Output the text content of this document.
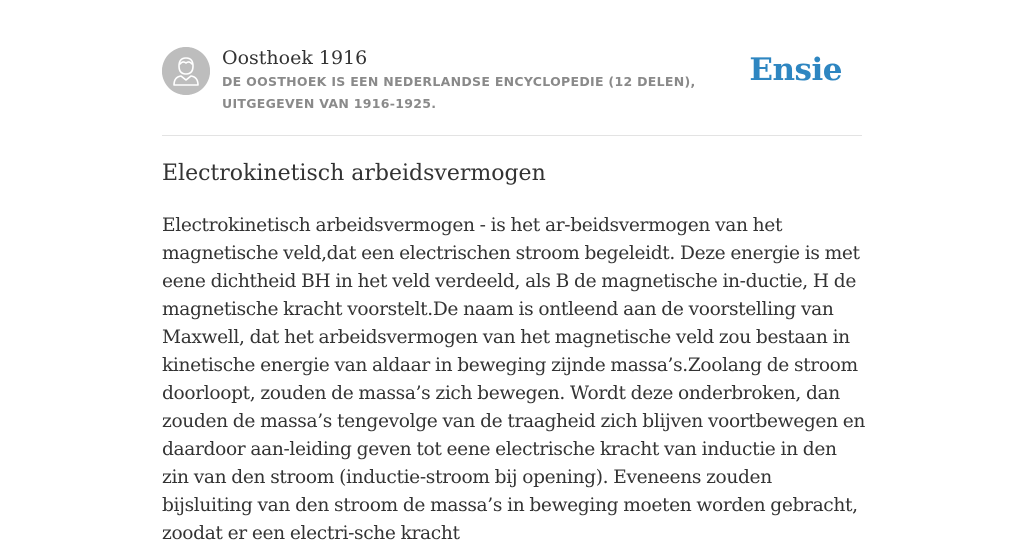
Oosthoek 1916
DE OOSTHOEK IS EEN NEDERLANDSE ENCYCLOPEDIE (12 DELEN), UITGEGEVEN VAN 1916-1925.
Ensie
Electrokinetisch arbeidsvermogen

Electrokinetisch arbeidsvermogen - is het ar-beidsvermogen van het magnetische veld,dat een electrischen stroom begeleidt. Deze energie is met eene dichtheid BH in het veld verdeeld, als B de magnetische in-ductie, H de magnetische kracht voorstelt.De naam is ontleend aan de voorstelling van Maxwell, dat het arbeidsvermogen van het magnetische veld zou bestaan in kinetische energie van aldaar in beweging zijnde massa’s.Zoolang de stroom doorloopt, zouden de massa’s zich bewegen. Wordt deze onderbroken, dan zouden de massa’s tengevolge van de traagheid zich blijven voortbewegen en daardoor aan-leiding geven tot eene electrische kracht van inductie in den zin van den stroom (inductie-stroom bij opening). Eveneens zouden bijsluiting van den stroom de massa’s in beweging moeten worden gebracht, zoodat er een electri-sche kracht
